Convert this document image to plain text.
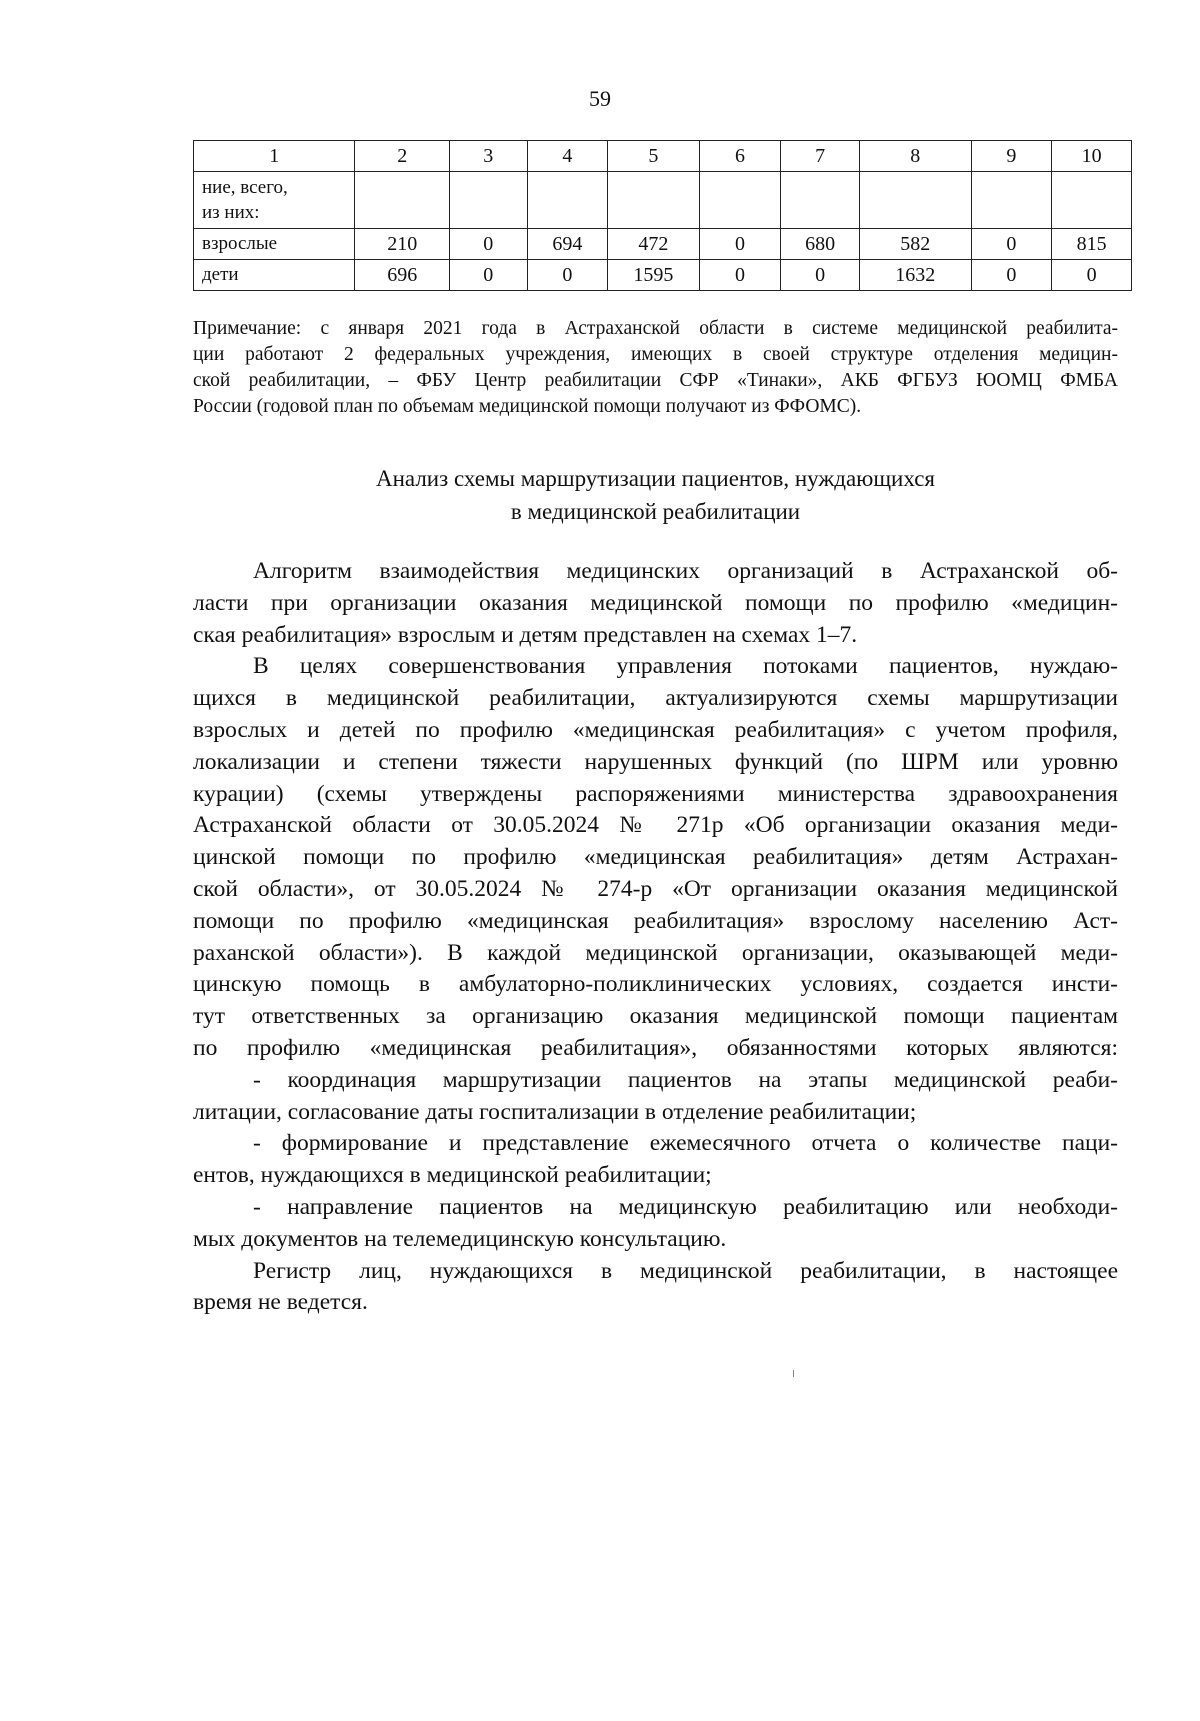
59
1	2	3	4	5	6	7	8	9	10
ние, всего,
из них:									
взрослые	210	0	694	472	0	680	582	0	815
дети	696	0	0	1595	0	0	1632	0	0

Примечание: с января 2021 года в Астраханской области в системе медицинской реабилита-
ции работают 2 федеральных учреждения, имеющих в своей структуре отделения медицин-
ской реабилитации, – ФБУ Центр реабилитации СФР «Тинаки», АКБ ФГБУЗ ЮОМЦ ФМБА
России (годовой план по объемам медицинской помощи получают из ФФОМС).

Анализ схемы маршрутизации пациентов, нуждающихся
в медицинской реабилитации
Алгоритм взаимодействия медицинских организаций в Астраханской об-
ласти при организации оказания медицинской помощи по профилю «медицин-
ская реабилитация» взрослым и детям представлен на схемах 1–7.
В целях совершенствования управления потоками пациентов, нуждаю-
щихся в медицинской реабилитации, актуализируются схемы маршрутизации
взрослых и детей по профилю «медицинская реабилитация» с учетом профиля,
локализации и степени тяжести нарушенных функций (по ШРМ или уровню
курации) (схемы утверждены распоряжениями министерства здравоохранения
Астраханской области от 30.05.2024 № 271р «Об организации оказания меди-
цинской помощи по профилю «медицинская реабилитация» детям Астрахан-
ской области», от 30.05.2024 № 274-р «От организации оказания медицинской
помощи по профилю «медицинская реабилитация» взрослому населению Аст-
раханской области»). В каждой медицинской организации, оказывающей меди-
цинскую помощь в амбулаторно-поликлинических условиях, создается инсти-
тут ответственных за организацию оказания медицинской помощи пациентам
по профилю «медицинская реабилитация», обязанностями которых являются:
- координация маршрутизации пациентов на этапы медицинской реаби-
литации, согласование даты госпитализации в отделение реабилитации;
- формирование и представление ежемесячного отчета о количестве паци-
ентов, нуждающихся в медицинской реабилитации;
- направление пациентов на медицинскую реабилитацию или необходи-
мых документов на телемедицинскую консультацию.
Регистр лиц, нуждающихся в медицинской реабилитации, в настоящее
время не ведется.
